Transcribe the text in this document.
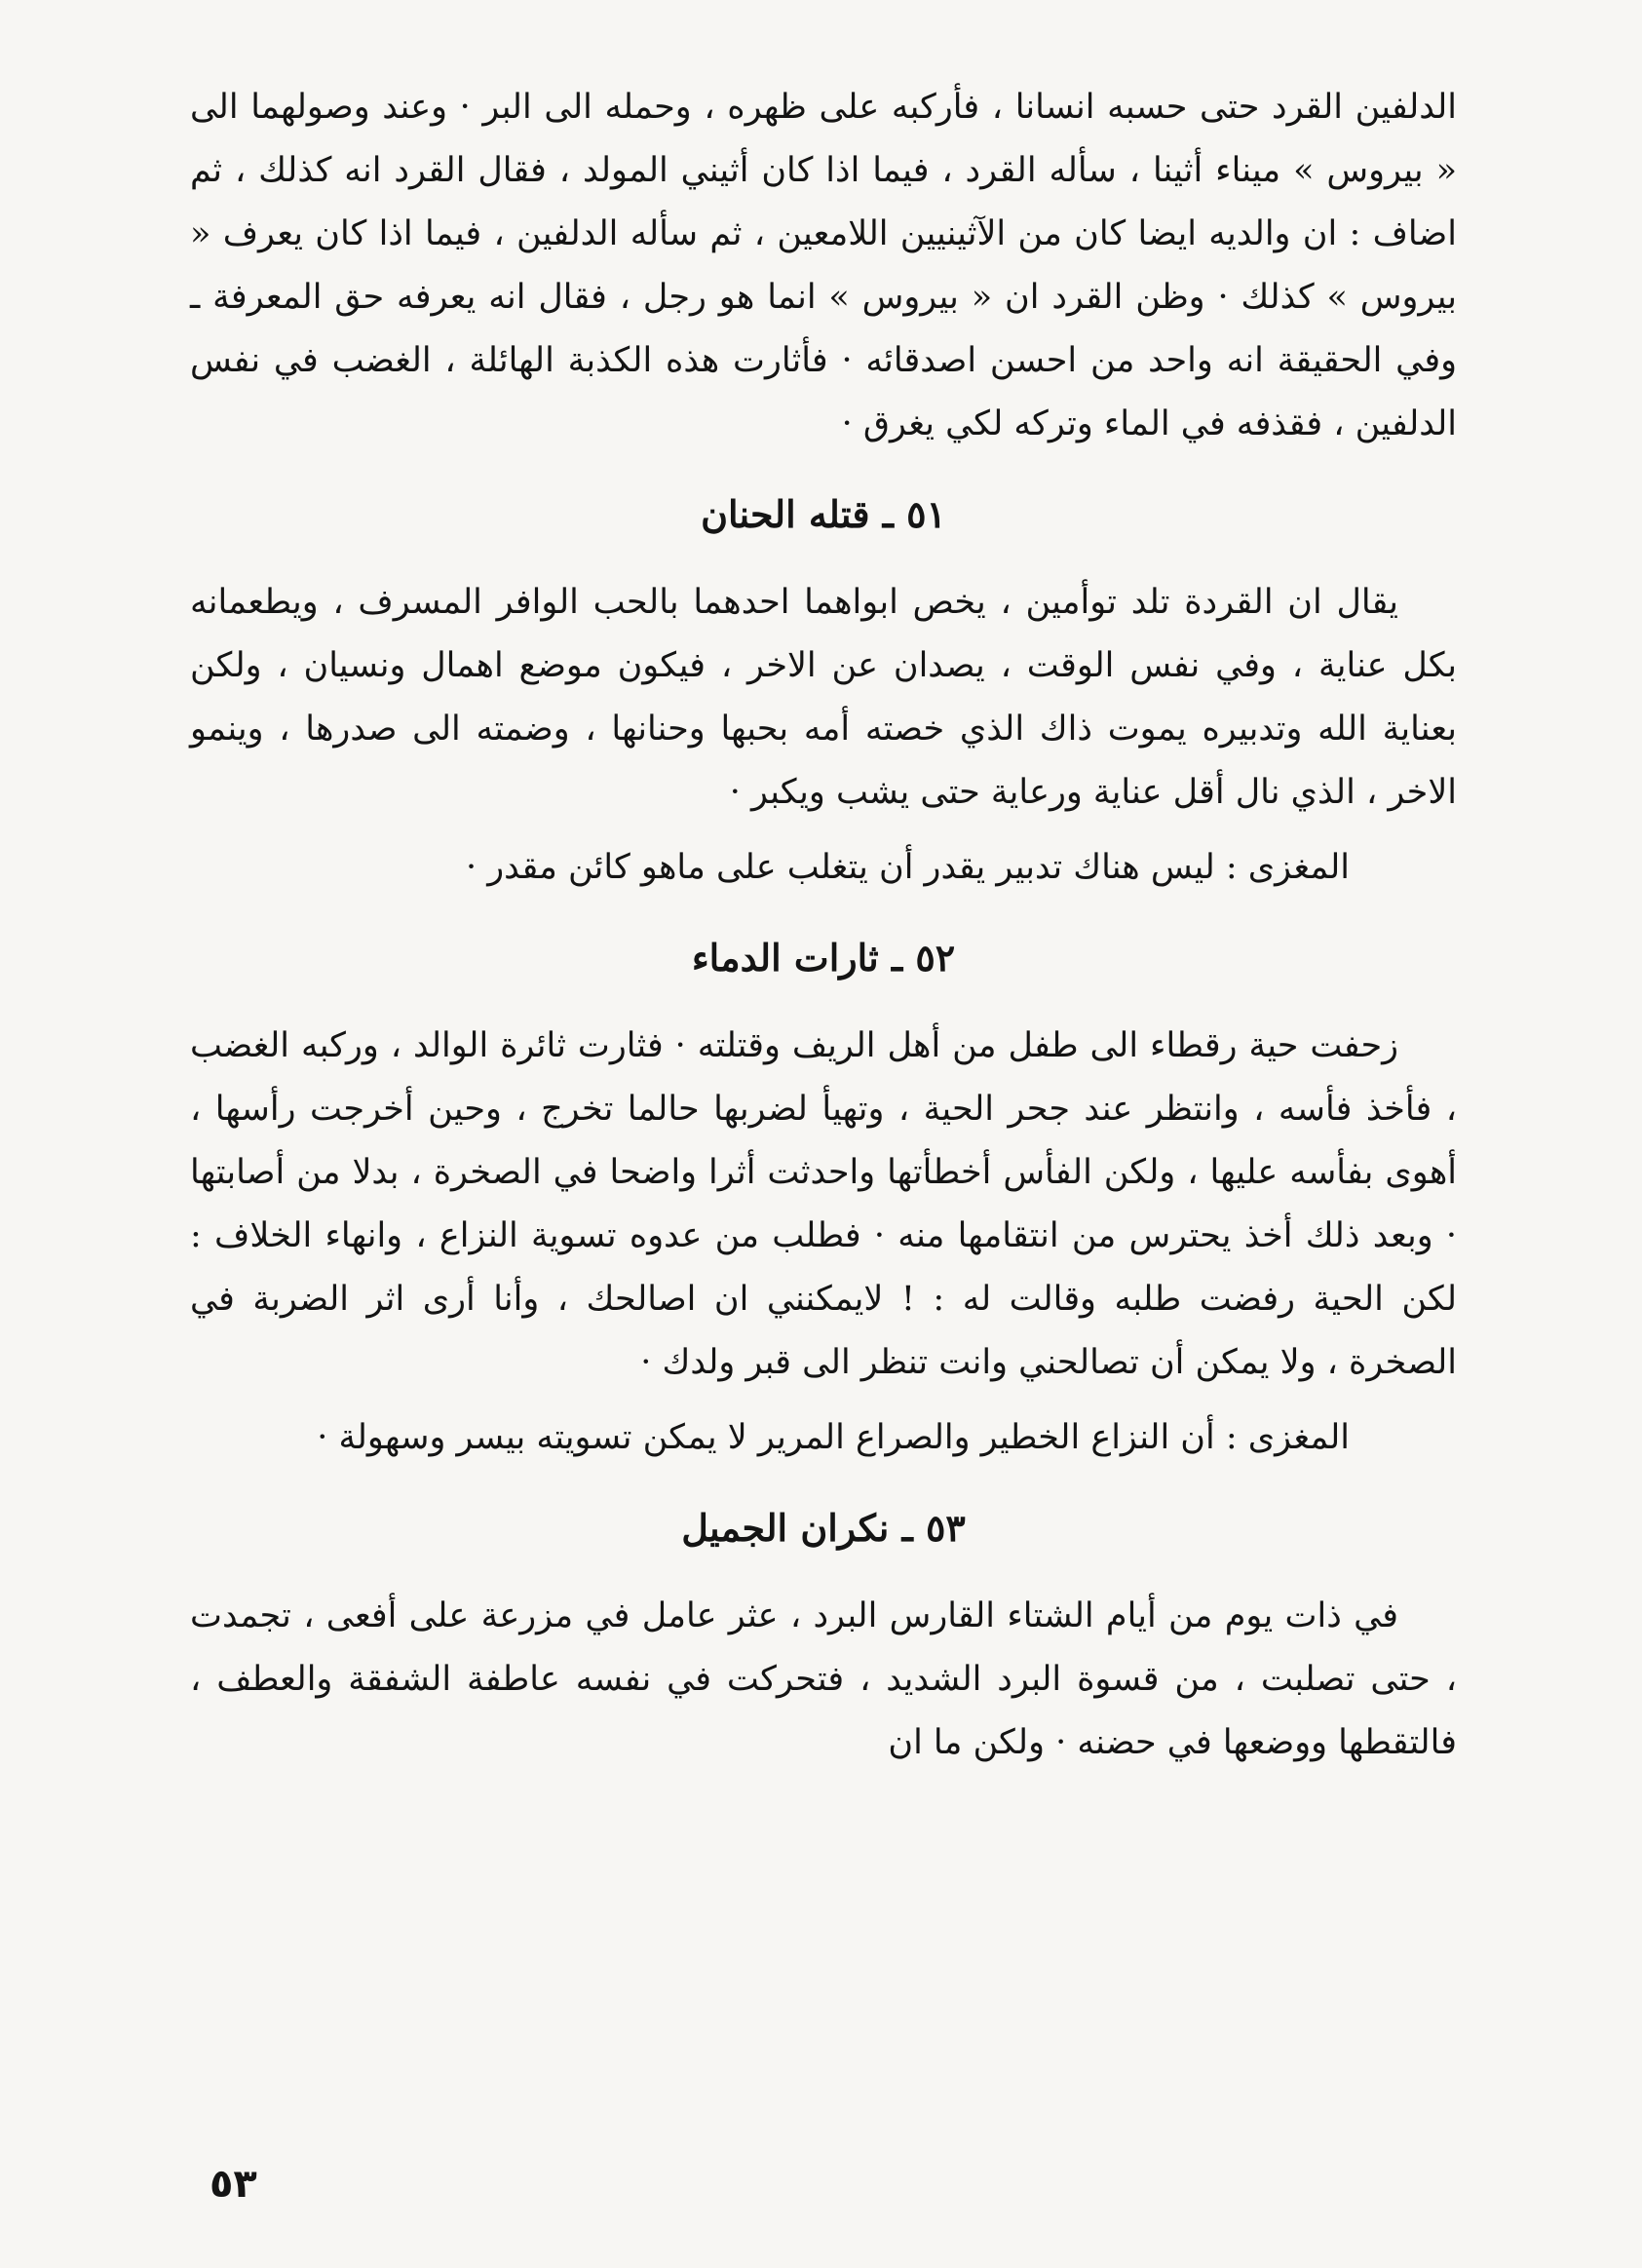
الدلفين القرد حتى حسبه انسانا ، فأركبه على ظهره ، وحمله الى البر · وعند وصولهما الى « بيروس » ميناء أثينا ، سأله القرد ، فيما اذا كان أثيني المولد ، فقال القرد انه كذلك ، ثم اضاف : ان والديه ايضا كان من الآثينيين اللامعين ، ثم سأله الدلفين ، فيما اذا كان يعرف « بيروس » كذلك · وظن القرد ان « بيروس » انما هو رجل ، فقال انه يعرفه حق المعرفة ـ وفي الحقيقة انه واحد من احسن اصدقائه · فأثارت هذه الكذبة الهائلة ، الغضب في نفس الدلفين ، فقذفه في الماء وتركه لكي يغرق ·

٥١ ـ قتله الحنان

يقال ان القردة تلد توأمين ، يخص ابواهما احدهما بالحب الوافر المسرف ، ويطعمانه بكل عناية ، وفي نفس الوقت ، يصدان عن الاخر ، فيكون موضع اهمال ونسيان ، ولكن بعناية الله وتدبيره يموت ذاك الذي خصته أمه بحبها وحنانها ، وضمته الى صدرها ، وينمو الاخر ، الذي نال أقل عناية ورعاية حتى يشب ويكبر ·

المغزى : ليس هناك تدبير يقدر أن يتغلب على ماهو كائن مقدر ·

٥٢ ـ ثارات الدماء

زحفت حية رقطاء الى طفل من أهل الريف وقتلته · فثارت ثائرة الوالد ، وركبه الغضب ، فأخذ فأسه ، وانتظر عند جحر الحية ، وتهيأ لضربها حالما تخرج ، وحين أخرجت رأسها ، أهوى بفأسه عليها ، ولكن الفأس أخطأتها واحدثت أثرا واضحا في الصخرة ، بدلا من أصابتها · وبعد ذلك أخذ يحترس من انتقامها منه · فطلب من عدوه تسوية النزاع ، وانهاء الخلاف : لكن الحية رفضت طلبه وقالت له : ! لايمكنني ان اصالحك ، وأنا أرى اثر الضربة في الصخرة ، ولا يمكن أن تصالحني وانت تنظر الى قبر ولدك ·

المغزى : أن النزاع الخطير والصراع المرير لا يمكن تسويته بيسر وسهولة ·

٥٣ ـ نكران الجميل

في ذات يوم من أيام الشتاء القارس البرد ، عثر عامل في مزرعة على أفعى ، تجمدت ، حتى تصلبت ، من قسوة البرد الشديد ، فتحركت في نفسه عاطفة الشفقة والعطف ، فالتقطها ووضعها في حضنه · ولكن ما ان

٥٣
